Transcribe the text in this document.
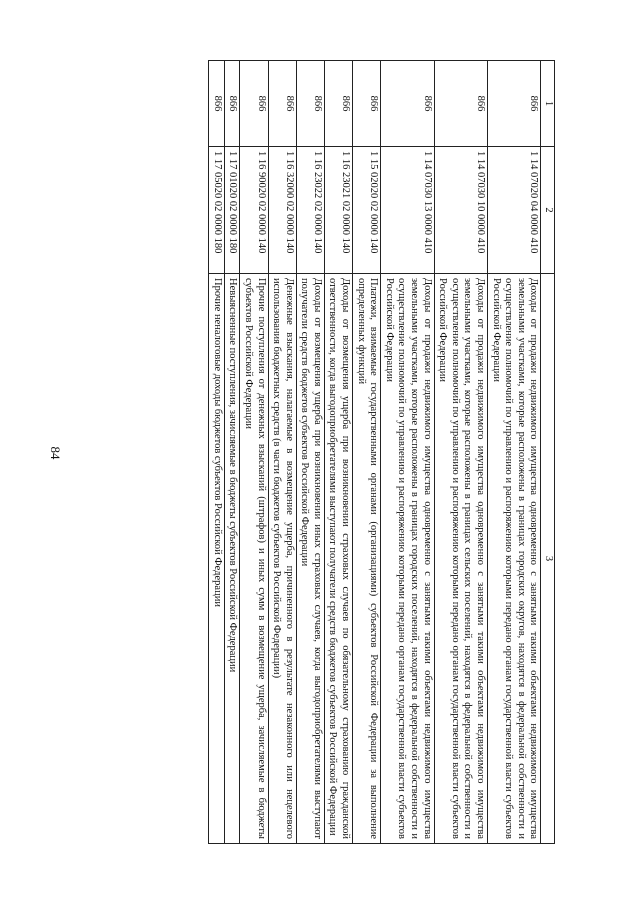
84
1	2	3
866	1 14 07020 04 0000 410	Доходы от продажи недвижимого имущества одновременно с занятыми такими объектами недвижимого имущества земельными участками, которые расположены в границах городских округов, находятся в федеральной собственности и осуществление полномочий по управлению и распоряжению которыми передано органам государственной власти субъектов Российской Федерации
866	1 14 07030 10 0000 410	Доходы от продажи недвижимого имущества одновременно с занятыми такими объектами недвижимого имущества земельными участками, которые расположены в границах сельских поселений, находятся в федеральной собственности и осуществление полномочий по управлению и распоряжению которыми передано органам государственной власти субъектов Российской Федерации
866	1 14 07030 13 0000 410	Доходы от продажи недвижимого имущества одновременно с занятыми такими объектами недвижимого имущества земельными участками, которые расположены в границах городских поселений, находятся в федеральной собственности и осуществление полномочий по управлению и распоряжению которыми передано органам государственной власти субъектов Российской Федерации
866	1 15 02020 02 0000 140	Платежи, взимаемые государственными органами (организациями) субъектов Российской Федерации за выполнение определенных функций
866	1 16 23021 02 0000 140	Доходы от возмещения ущерба при возникновении страховых случаев по обязательному страхованию гражданской ответственности, когда выгодоприобретателями выступают получатели средств бюджетов субъектов Российской Федерации
866	1 16 23022 02 0000 140	Доходы от возмещения ущерба при возникновении иных страховых случаев, когда выгодоприобретателями выступают получатели средств бюджетов субъектов Российской Федерации
866	1 16 32000 02 0000 140	Денежные взыскания, налагаемые в возмещение ущерба, причиненного в результате незаконного или нецелевого использования бюджетных средств (в части бюджетов субъектов Российской Федерации)
866	1 16 90020 02 0000 140	Прочие поступления от денежных взысканий (штрафов) и иных сумм в возмещение ущерба, зачисляемые в бюджеты субъектов Российской Федерации
866	1 17 01020 02 0000 180	Невыясненные поступления, зачисляемые в бюджеты субъектов Российской Федерации
866	1 17 05020 02 0000 180	Прочие неналоговые доходы бюджетов субъектов Российской Федерации
